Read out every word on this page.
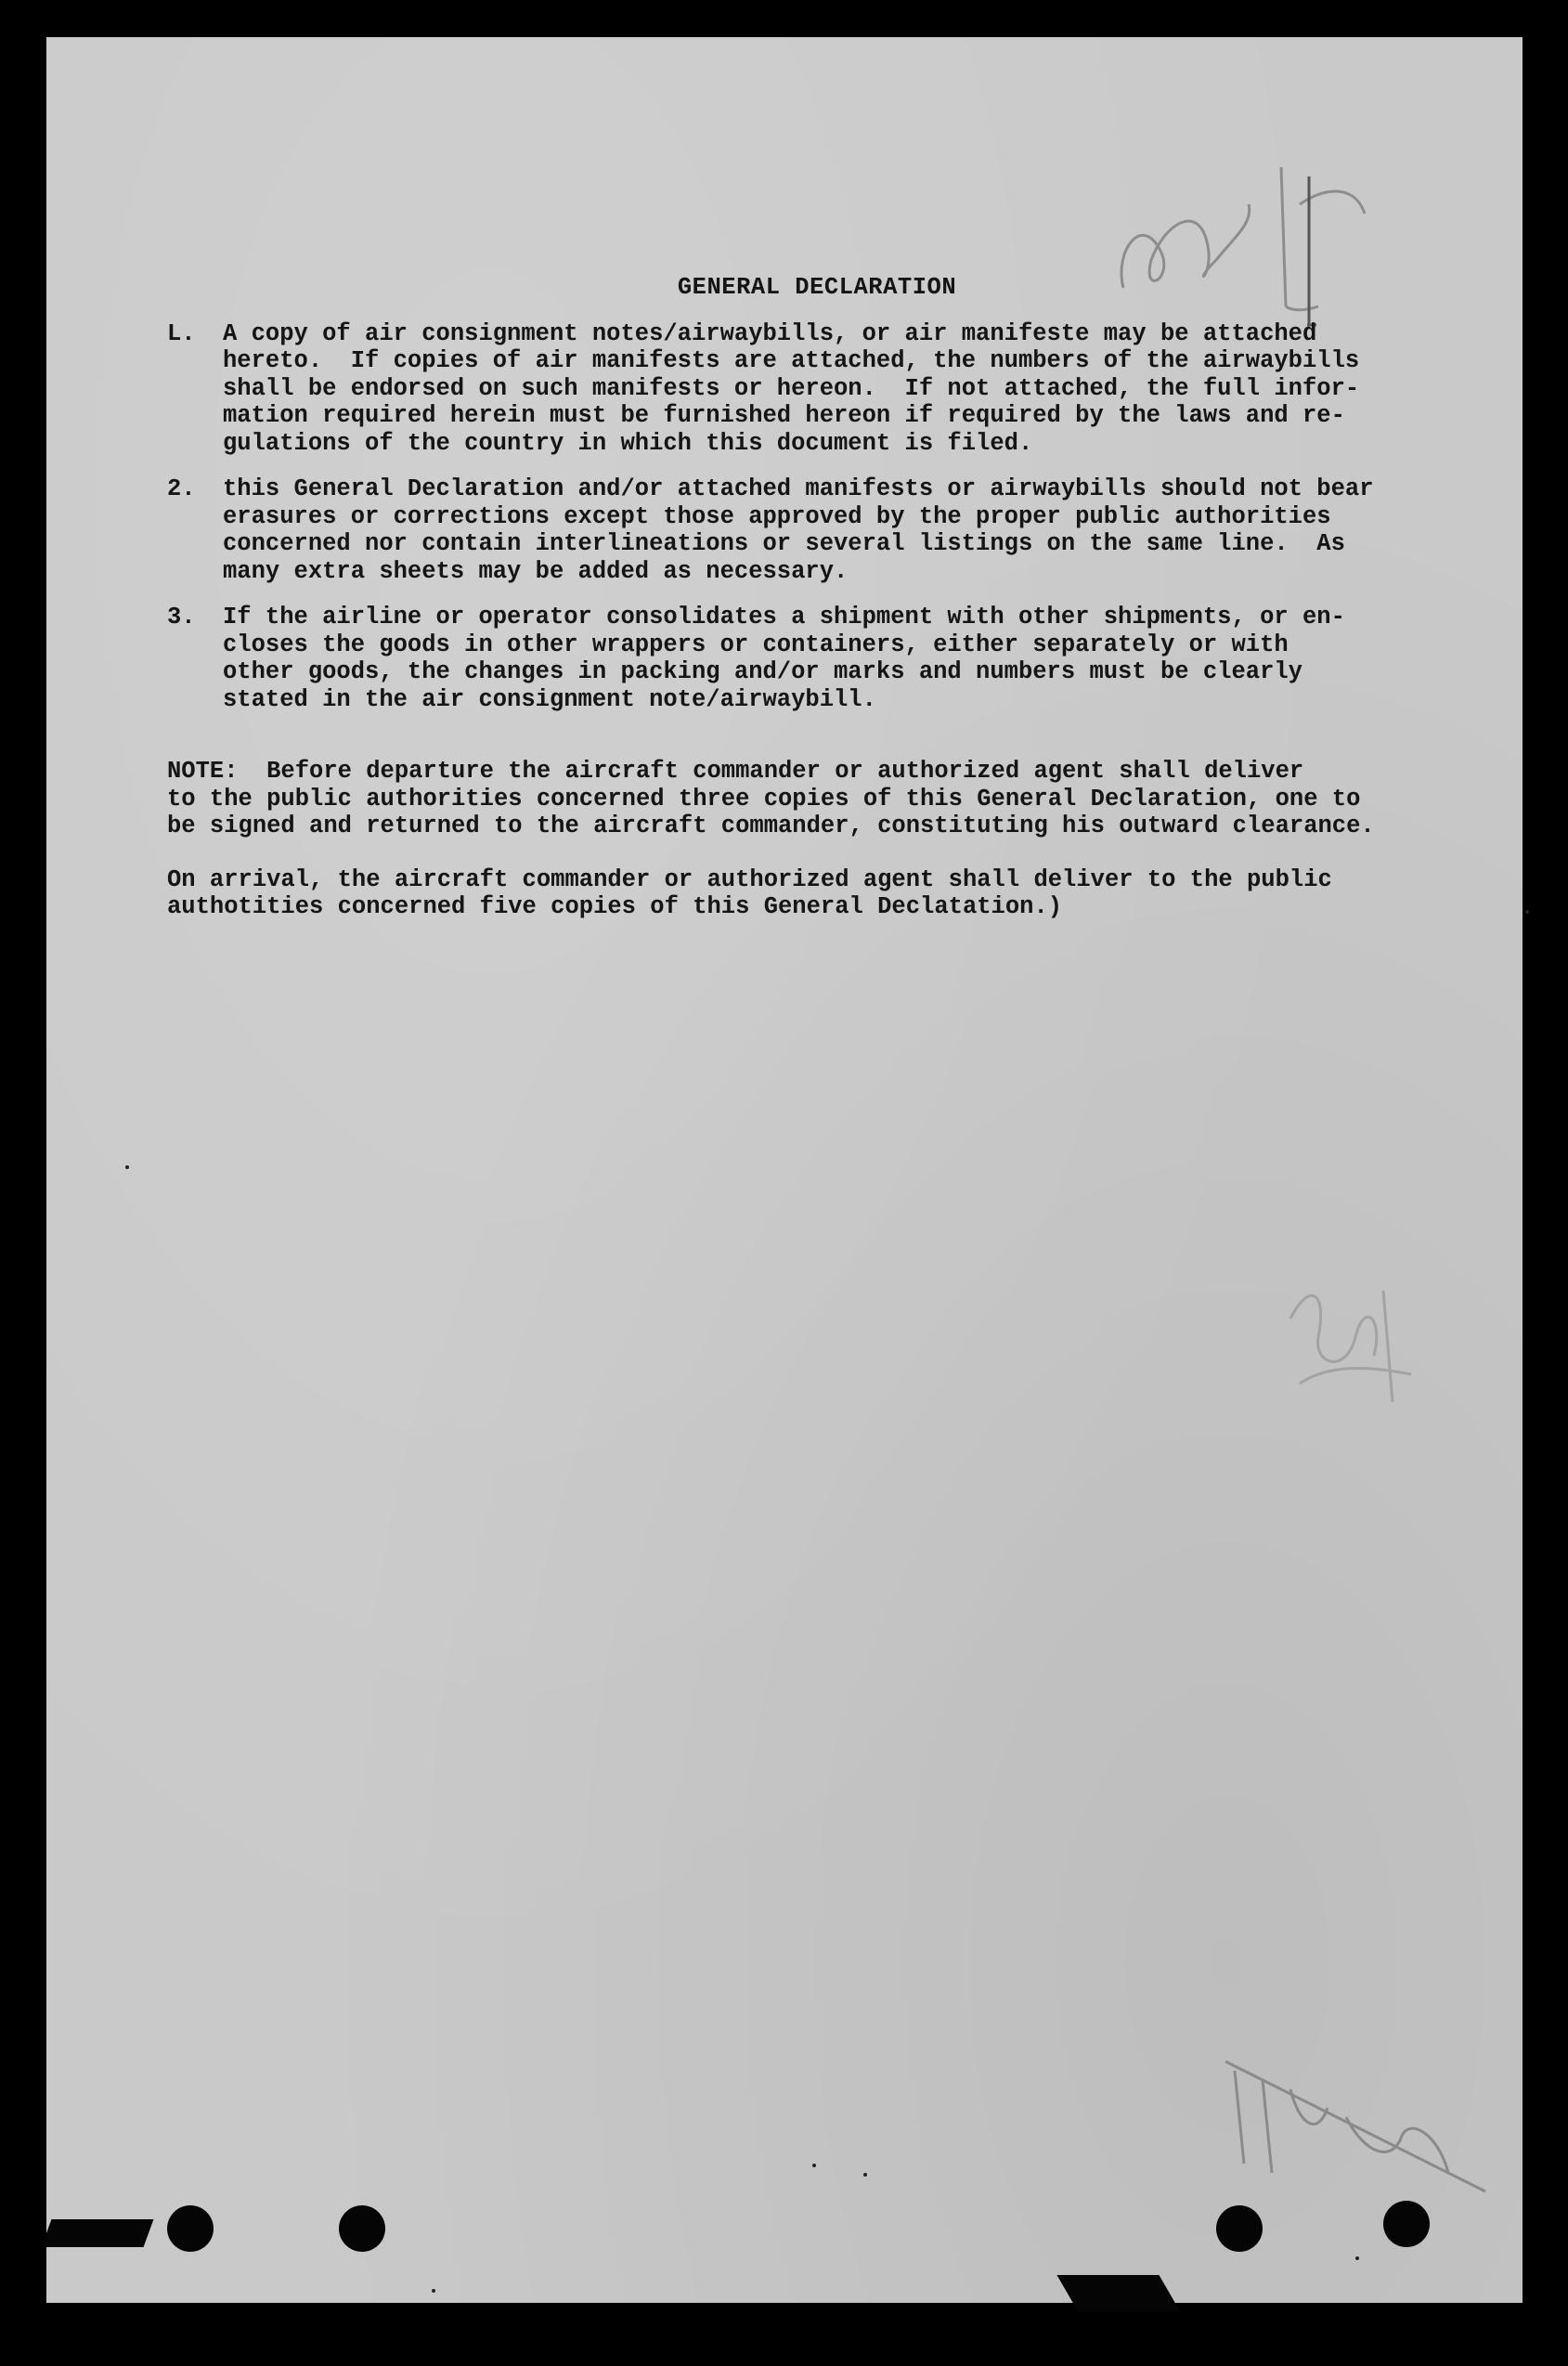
GENERAL DECLARATION
L.	A copy of air consignment notes/airwaybills, or air manifeste may be attached
hereto.  If copies of air manifests are attached, the numbers of the airwaybills
shall be endorsed on such manifests or hereon.  If not attached, the full infor-
mation required herein must be furnished hereon if required by the laws and re-
gulations of the country in which this document is filed.
2.	this General Declaration and/or attached manifests or airwaybills should not bear
erasures or corrections except those approved by the proper public authorities
concerned nor contain interlineations or several listings on the same line.  As
many extra sheets may be added as necessary.
3.	If the airline or operator consolidates a shipment with other shipments, or en-
closes the goods in other wrappers or containers, either separately or with
other goods, the changes in packing and/or marks and numbers must be clearly
stated in the air consignment note/airwaybill.
NOTE:  Before departure the aircraft commander or authorized agent shall deliver
to the public authorities concerned three copies of this General Declaration, one to
be signed and returned to the aircraft commander, constituting his outward clearance.
On arrival, the aircraft commander or authorized agent shall deliver to the public
authotities concerned five copies of this General Declatation.)
